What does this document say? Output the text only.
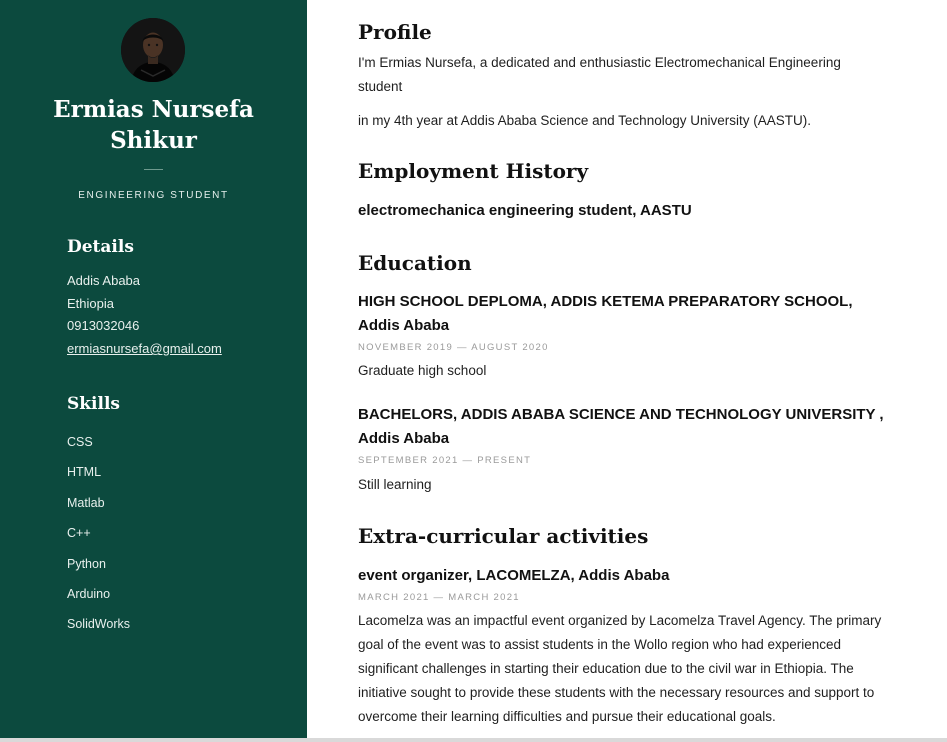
Ermias Nursefa Shikur
ENGINEERING STUDENT
Details
Addis Ababa
Ethiopia
0913032046
ermiasnursefa@gmail.com
Skills
CSS
HTML
Matlab
C++
Python
Arduino
SolidWorks
Profile

I'm Ermias Nursefa, a dedicated and enthusiastic Electromechanical Engineering student

in my 4th year at Addis Ababa Science and Technology University (AASTU).

Employment History
electromechanica engineering student, AASTU
Education
HIGH SCHOOL DEPLOMA, ADDIS KETEMA PREPARATORY SCHOOL, Addis Ababa
NOVEMBER 2019 — AUGUST 2020

Graduate high school

BACHELORS, ADDIS ABABA SCIENCE AND TECHNOLOGY UNIVERSITY , Addis Ababa
SEPTEMBER 2021 — PRESENT

Still learning

Extra-curricular activities
event organizer, LACOMELZA, Addis Ababa
MARCH 2021 — MARCH 2021

Lacomelza was an impactful event organized by Lacomelza Travel Agency. The primary goal of the event was to assist students in the Wollo region who had experienced significant challenges in starting their education due to the civil war in Ethiopia. The initiative sought to provide these students with the necessary resources and support to overcome their learning difficulties and pursue their educational goals.
